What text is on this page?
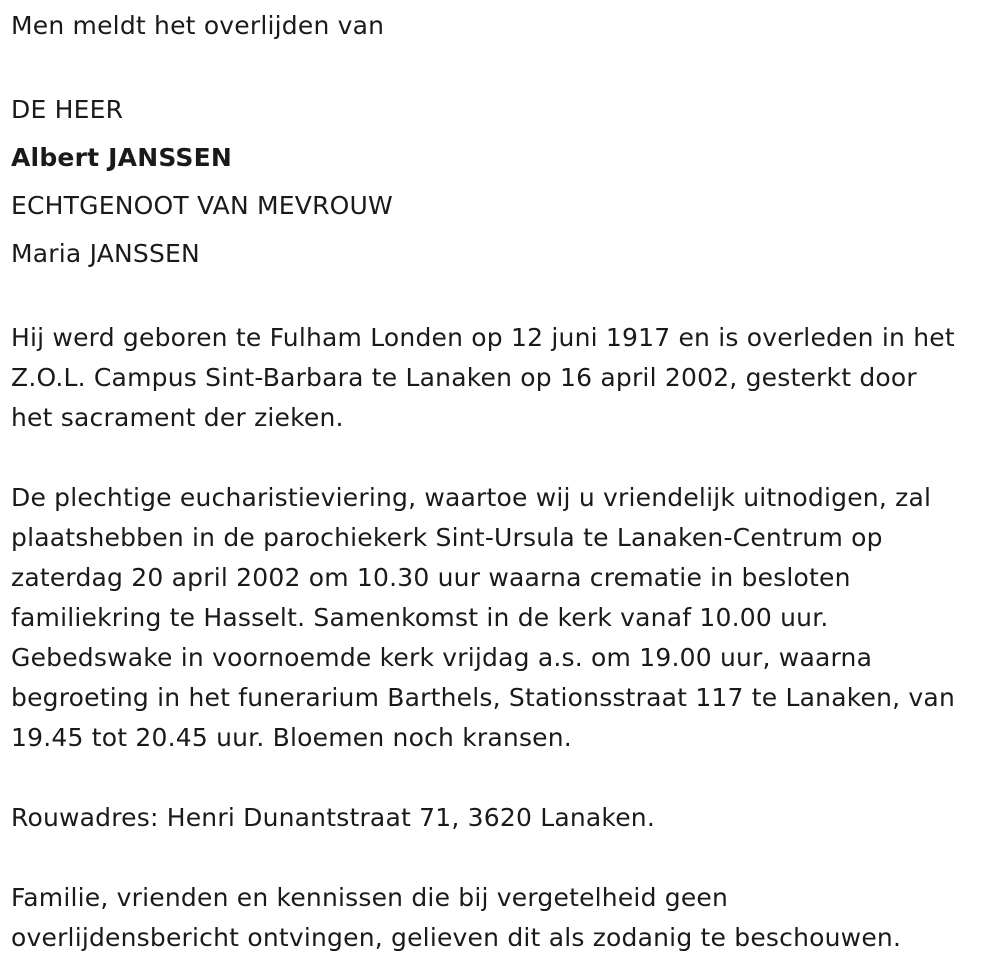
Men meldt het overlijden van

DE HEER

Albert JANSSEN

ECHTGENOOT VAN MEVROUW

Maria JANSSEN

Hij werd geboren te Fulham Londen op 12 juni 1917 en is overleden in het

Z.O.L. Campus Sint-Barbara te Lanaken op 16 april 2002, gesterkt door

het sacrament der zieken.

De plechtige eucharistieviering, waartoe wij u vriendelijk uitnodigen, zal

plaatshebben in de parochiekerk Sint-Ursula te Lanaken-Centrum op

zaterdag 20 april 2002 om 10.30 uur waarna crematie in besloten

familiekring te Hasselt. Samenkomst in de kerk vanaf 10.00 uur.

Gebedswake in voornoemde kerk vrijdag a.s. om 19.00 uur, waarna

begroeting in het funerarium Barthels, Stationsstraat 117 te Lanaken, van

19.45 tot 20.45 uur. Bloemen noch kransen.

Rouwadres: Henri Dunantstraat 71, 3620 Lanaken.

Familie, vrienden en kennissen die bij vergetelheid geen

overlijdensbericht ontvingen, gelieven dit als zodanig te beschouwen.
